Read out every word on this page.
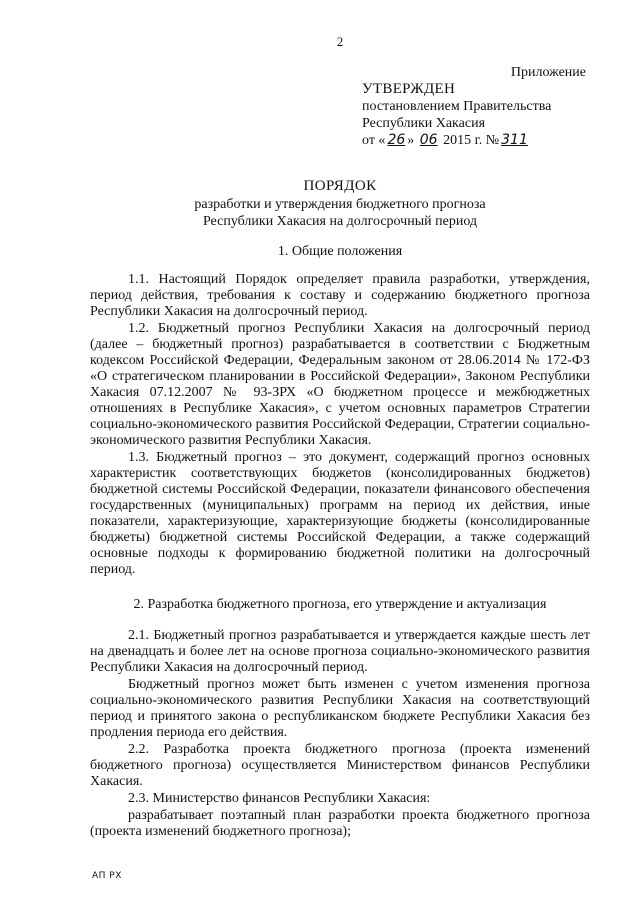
2
Приложение
УТВЕРЖДЕН
постановлением Правительства
Республики Хакасия
от « 26 » 06 2015 г. № 311
ПОРЯДОК
разработки и утверждения бюджетного прогноза
Республики Хакасия на долгосрочный период
1. Общие положения

1.1. Настоящий Порядок определяет правила разработки, утверждения, период действия, требования к составу и содержанию бюджетного прогноза Республики Хакасия на долгосрочный период.

1.2. Бюджетный прогноз Республики Хакасия на долгосрочный период (далее – бюджетный прогноз) разрабатывается в соответствии с Бюджетным кодексом Российской Федерации, Федеральным законом от 28.06.2014 № 172-ФЗ «О стратегическом планировании в Российской Федерации», Законом Республики Хакасия 07.12.2007 № 93-ЗРХ «О бюджетном процессе и межбюджетных отношениях в Республике Хакасия», с учетом основных параметров Стратегии социально-экономического развития Российской Федерации, Стратегии социально-экономического развития Республики Хакасия.

1.3. Бюджетный прогноз – это документ, содержащий прогноз основных характеристик соответствующих бюджетов (консолидированных бюджетов) бюджетной системы Российской Федерации, показатели финансового обеспечения государственных (муниципальных) программ на период их действия, иные показатели, характеризующие, характеризующие бюджеты (консолидированные бюджеты) бюджетной системы Российской Федерации, а также содержащий основные подходы к формированию бюджетной политики на долгосрочный период.

2. Разработка бюджетного прогноза, его утверждение и актуализация

2.1. Бюджетный прогноз разрабатывается и утверждается каждые шесть лет на двенадцать и более лет на основе прогноза социально-экономического развития Республики Хакасия на долгосрочный период.

Бюджетный прогноз может быть изменен с учетом изменения прогноза социально-экономического развития Республики Хакасия на соответствующий период и принятого закона о республиканском бюджете Республики Хакасия без продления периода его действия.

2.2. Разработка проекта бюджетного прогноза (проекта изменений бюджетного прогноза) осуществляется Министерством финансов Республики Хакасия.

2.3. Министерство финансов Республики Хакасия:

разрабатывает поэтапный план разработки проекта бюджетного прогноза (проекта изменений бюджетного прогноза);

АП РХ
